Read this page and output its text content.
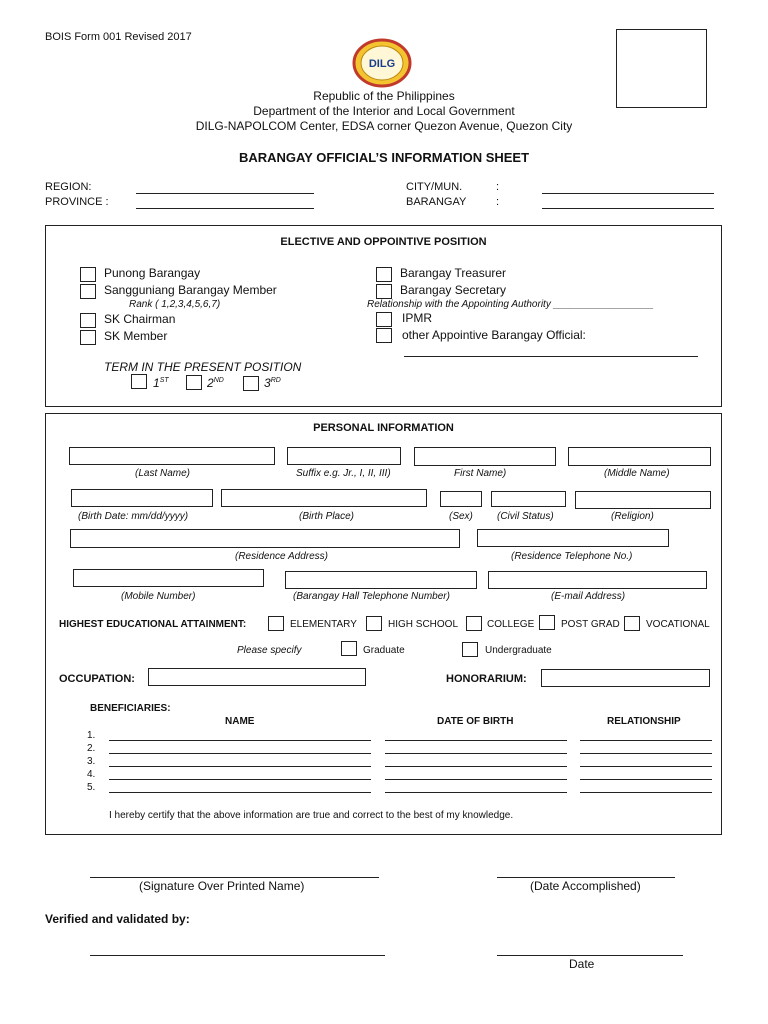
BOIS Form 001 Revised 2017
DILG
Republic of the Philippines
Department of the Interior and Local Government
DILG-NAPOLCOM Center, EDSA corner Quezon Avenue, Quezon City
BARANGAY OFFICIAL’S INFORMATION SHEET
REGION:
PROVINCE :
CITY/MUN.	:
BARANGAY	:
ELECTIVE AND OPPOINTIVE POSITION
Punong Barangay
Sangguniang Barangay Member
Rank ( 1,2,3,4,5,6,7)
SK Chairman
SK Member
Barangay Treasurer
Barangay Secretary
Relationship with the Appointing Authority __________________
IPMR
other Appointive Barangay Official:
TERM IN THE PRESENT POSITION
1ST	2ND	3RD
PERSONAL INFORMATION
(Last Name)	Suffix e.g. Jr., I, II, III)	First Name)	(Middle Name)
(Birth Date: mm/dd/yyyy)	(Birth Place)	(Sex) (Civil Status)	(Religion)
(Residence Address)	(Residence Telephone No.)
(Mobile Number)	(Barangay Hall Telephone Number)	(E-mail Address)
HIGHEST EDUCATIONAL ATTAINMENT:	ELEMENTARY	HIGH SCHOOL	COLLEGE	POST GRAD	VOCATIONAL
Please specify	Graduate	Undergraduate
OCCUPATION:	HONORARIUM:
BENEFICIARIES:
NAME	DATE OF BIRTH	RELATIONSHIP
1.
2.
3.
4.
5.
I hereby certify that the above information are true and correct to the best of my knowledge.
(Signature Over Printed Name)	(Date Accomplished)
Verified and validated by:
Date
